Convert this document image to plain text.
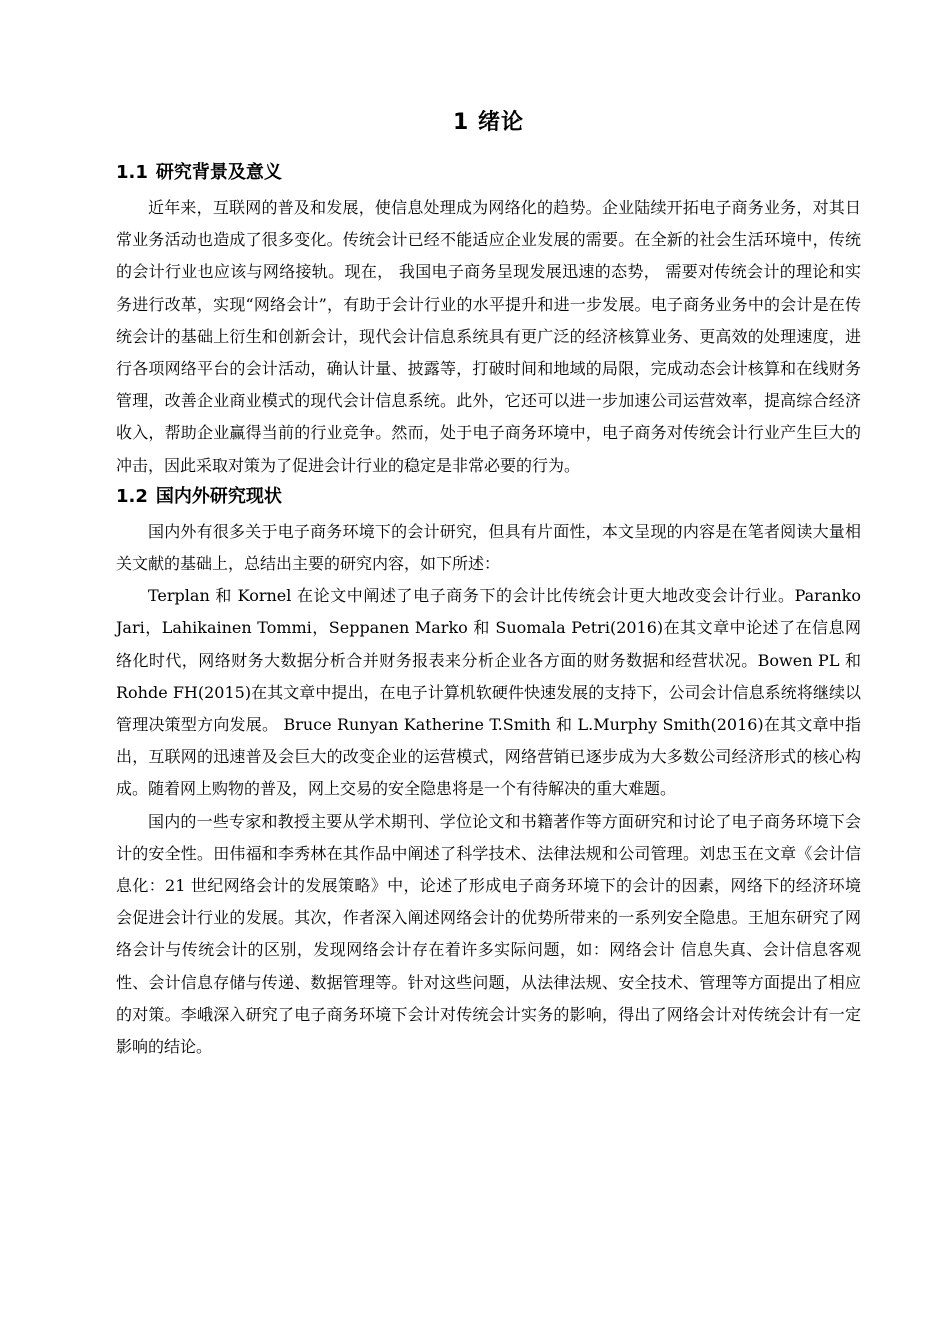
1 绪论
1.1 研究背景及意义

近年来，互联网的普及和发展，使信息处理成为网络化的趋势。企业陆续开拓电子商务业务，对其日常业务活动也造成了很多变化。传统会计已经不能适应企业发展的需要。在全新的社会生活环境中，传统的会计行业也应该与网络接轨。现在， 我国电子商务呈现发展迅速的态势， 需要对传统会计的理论和实务进行改革，实现“网络会计”，有助于会计行业的水平提升和进一步发展。电子商务业务中的会计是在传统会计的基础上衍生和创新会计，现代会计信息系统具有更广泛的经济核算业务、更高效的处理速度，进行各项网络平台的会计活动，确认计量、披露等，打破时间和地域的局限，完成动态会计核算和在线财务管理，改善企业商业模式的现代会计信息系统。此外，它还可以进一步加速公司运营效率，提高综合经济收入，帮助企业赢得当前的行业竞争。然而，处于电子商务环境中，电子商务对传统会计行业产生巨大的冲击，因此采取对策为了促进会计行业的稳定是非常必要的行为。

1.2 国内外研究现状

国内外有很多关于电子商务环境下的会计研究，但具有片面性，本文呈现的内容是在笔者阅读大量相关文献的基础上，总结出主要的研究内容，如下所述：

Terplan 和 Kornel 在论文中阐述了电子商务下的会计比传统会计更大地改变会计行业。Paranko Jari，Lahikainen Tommi，Seppanen Marko 和 Suomala Petri(2016)在其文章中论述了在信息网络化时代，网络财务大数据分析合并财务报表来分析企业各方面的财务数据和经营状况。Bowen PL 和 Rohde FH(2015)在其文章中提出，在电子计算机软硬件快速发展的支持下，公司会计信息系统将继续以管理决策型方向发展。 Bruce Runyan Katherine T.Smith 和 L.Murphy Smith(2016)在其文章中指出，互联网的迅速普及会巨大的改变企业的运营模式，网络营销已逐步成为大多数公司经济形式的核心构成。随着网上购物的普及，网上交易的安全隐患将是一个有待解决的重大难题。

国内的一些专家和教授主要从学术期刊、学位论文和书籍著作等方面研究和讨论了电子商务环境下会计的安全性。田伟福和李秀林在其作品中阐述了科学技术、法律法规和公司管理。刘忠玉在文章《会计信息化：21 世纪网络会计的发展策略》中，论述了形成电子商务环境下的会计的因素，网络下的经济环境会促进会计行业的发展。其次，作者深入阐述网络会计的优势所带来的一系列安全隐患。王旭东研究了网络会计与传统会计的区别，发现网络会计存在着许多实际问题，如：网络会计 信息失真、会计信息客观性、会计信息存储与传递、数据管理等。针对这些问题，从法律法规、安全技术、管理等方面提出了相应的对策。李峨深入研究了电子商务环境下会计对传统会计实务的影响，得出了网络会计对传统会计有一定影响的结论。
